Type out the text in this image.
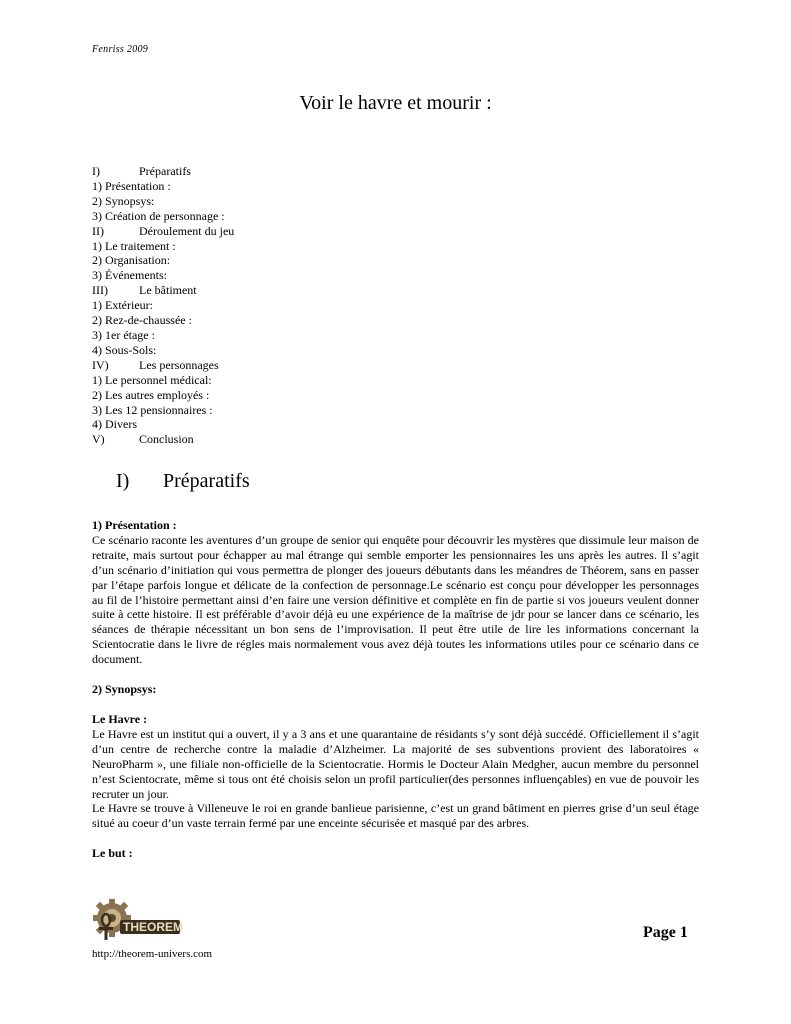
Fenriss 2009
Voir le havre et mourir :
I)	Préparatifs
1) Présentation :
2) Synopsys:
3) Création de personnage :
II)	Déroulement du jeu
1) Le traitement :
2) Organisation:
3) Événements:
III)	Le bâtiment
1) Extérieur:
2) Rez-de-chaussée :
3) 1er étage :
4) Sous-Sols:
IV)	Les personnages
1) Le personnel médical:
2) Les autres employés :
3) Les 12 pensionnaires :
4) Divers
V)	Conclusion
I) Préparatifs

1) Présentation :

Ce scénario raconte les aventures d’un groupe de senior qui enquête pour découvrir les mystères que dissimule leur maison de retraite, mais surtout pour échapper au mal étrange qui semble emporter les pensionnaires les uns après les autres. Il s’agit d’un scénario d’initiation qui vous permettra de plonger des joueurs débutants dans les méandres de Théorem, sans en passer par l’étape parfois longue et délicate de la confection de personnage.Le scénario est conçu pour développer les personnages au fil de l’histoire permettant ainsi d’en faire une version définitive et complète en fin de partie si vos joueurs veulent donner suite à cette histoire. Il est préférable d’avoir déjà eu une expérience de la maîtrise de jdr pour se lancer dans ce scénario, les séances de thérapie nécessitant un bon sens de l’improvisation. Il peut être utile de lire les informations concernant la Scientocratie dans le livre de régles mais normalement vous avez déjà toutes les informations utiles pour ce scénario dans ce document.

2) Synopsys:

Le Havre :

Le Havre est un institut qui a ouvert, il y a 3 ans et une quarantaine de résidants s’y sont déjà succédé. Officiellement il s’agit d’un centre de recherche contre la maladie d’Alzheimer. La majorité de ses subventions provient des laboratoires « NeuroPharm », une filiale non-officielle de la Scientocratie. Hormis le Docteur Alain Medgher, aucun membre du personnel n’est Scientocrate, même si tous ont été choisis selon un profil particulier(des personnes influençables) en vue de pouvoir les recruter un jour.

Le Havre se trouve à Villeneuve le roi en grande banlieue parisienne, c’est un grand bâtiment en pierres grise d’un seul étage situé au coeur d’un vaste terrain fermé par une enceinte sécurisée et masqué par des arbres.

Le but :

THEOREM
http://theorem-univers.com
Page 1
